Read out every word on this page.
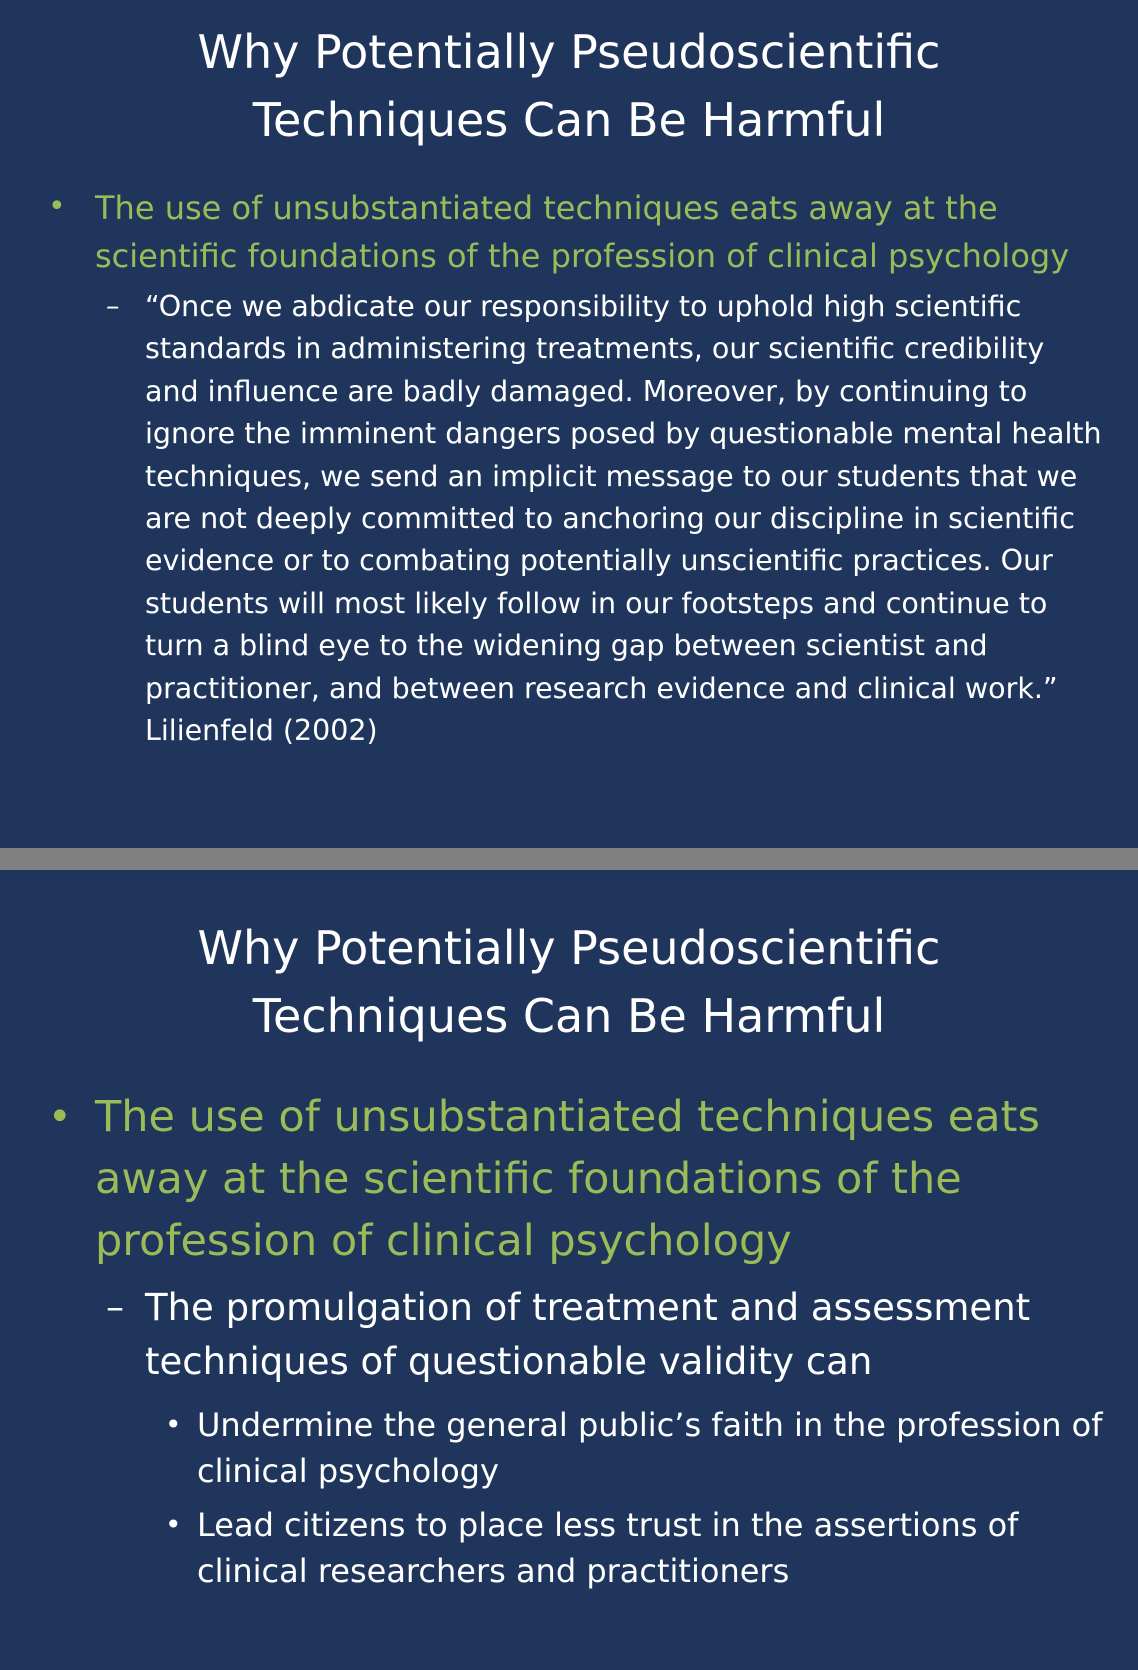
Why Potentially Pseudoscientific
Techniques Can Be Harmful
• The use of unsubstantiated techniques eats away at the scientific foundations of the profession of clinical psychology

– “Once we abdicate our responsibility to uphold high scientific standards in administering treatments, our scientific credibility and influence are badly damaged. Moreover, by continuing to ignore the imminent dangers posed by questionable mental health techniques, we send an implicit message to our students that we are not deeply committed to anchoring our discipline in scientific evidence or to combating potentially unscientific practices. Our students will most likely follow in our footsteps and continue to turn a blind eye to the widening gap between scientist and practitioner, and between research evidence and clinical work.” Lilienfeld (2002)

Why Potentially Pseudoscientific
Techniques Can Be Harmful
• The use of unsubstantiated techniques eats away at the scientific foundations of the profession of clinical psychology

– The promulgation of treatment and assessment techniques of questionable validity can

• Undermine the general public’s faith in the profession of clinical psychology

• Lead citizens to place less trust in the assertions of clinical researchers and practitioners
